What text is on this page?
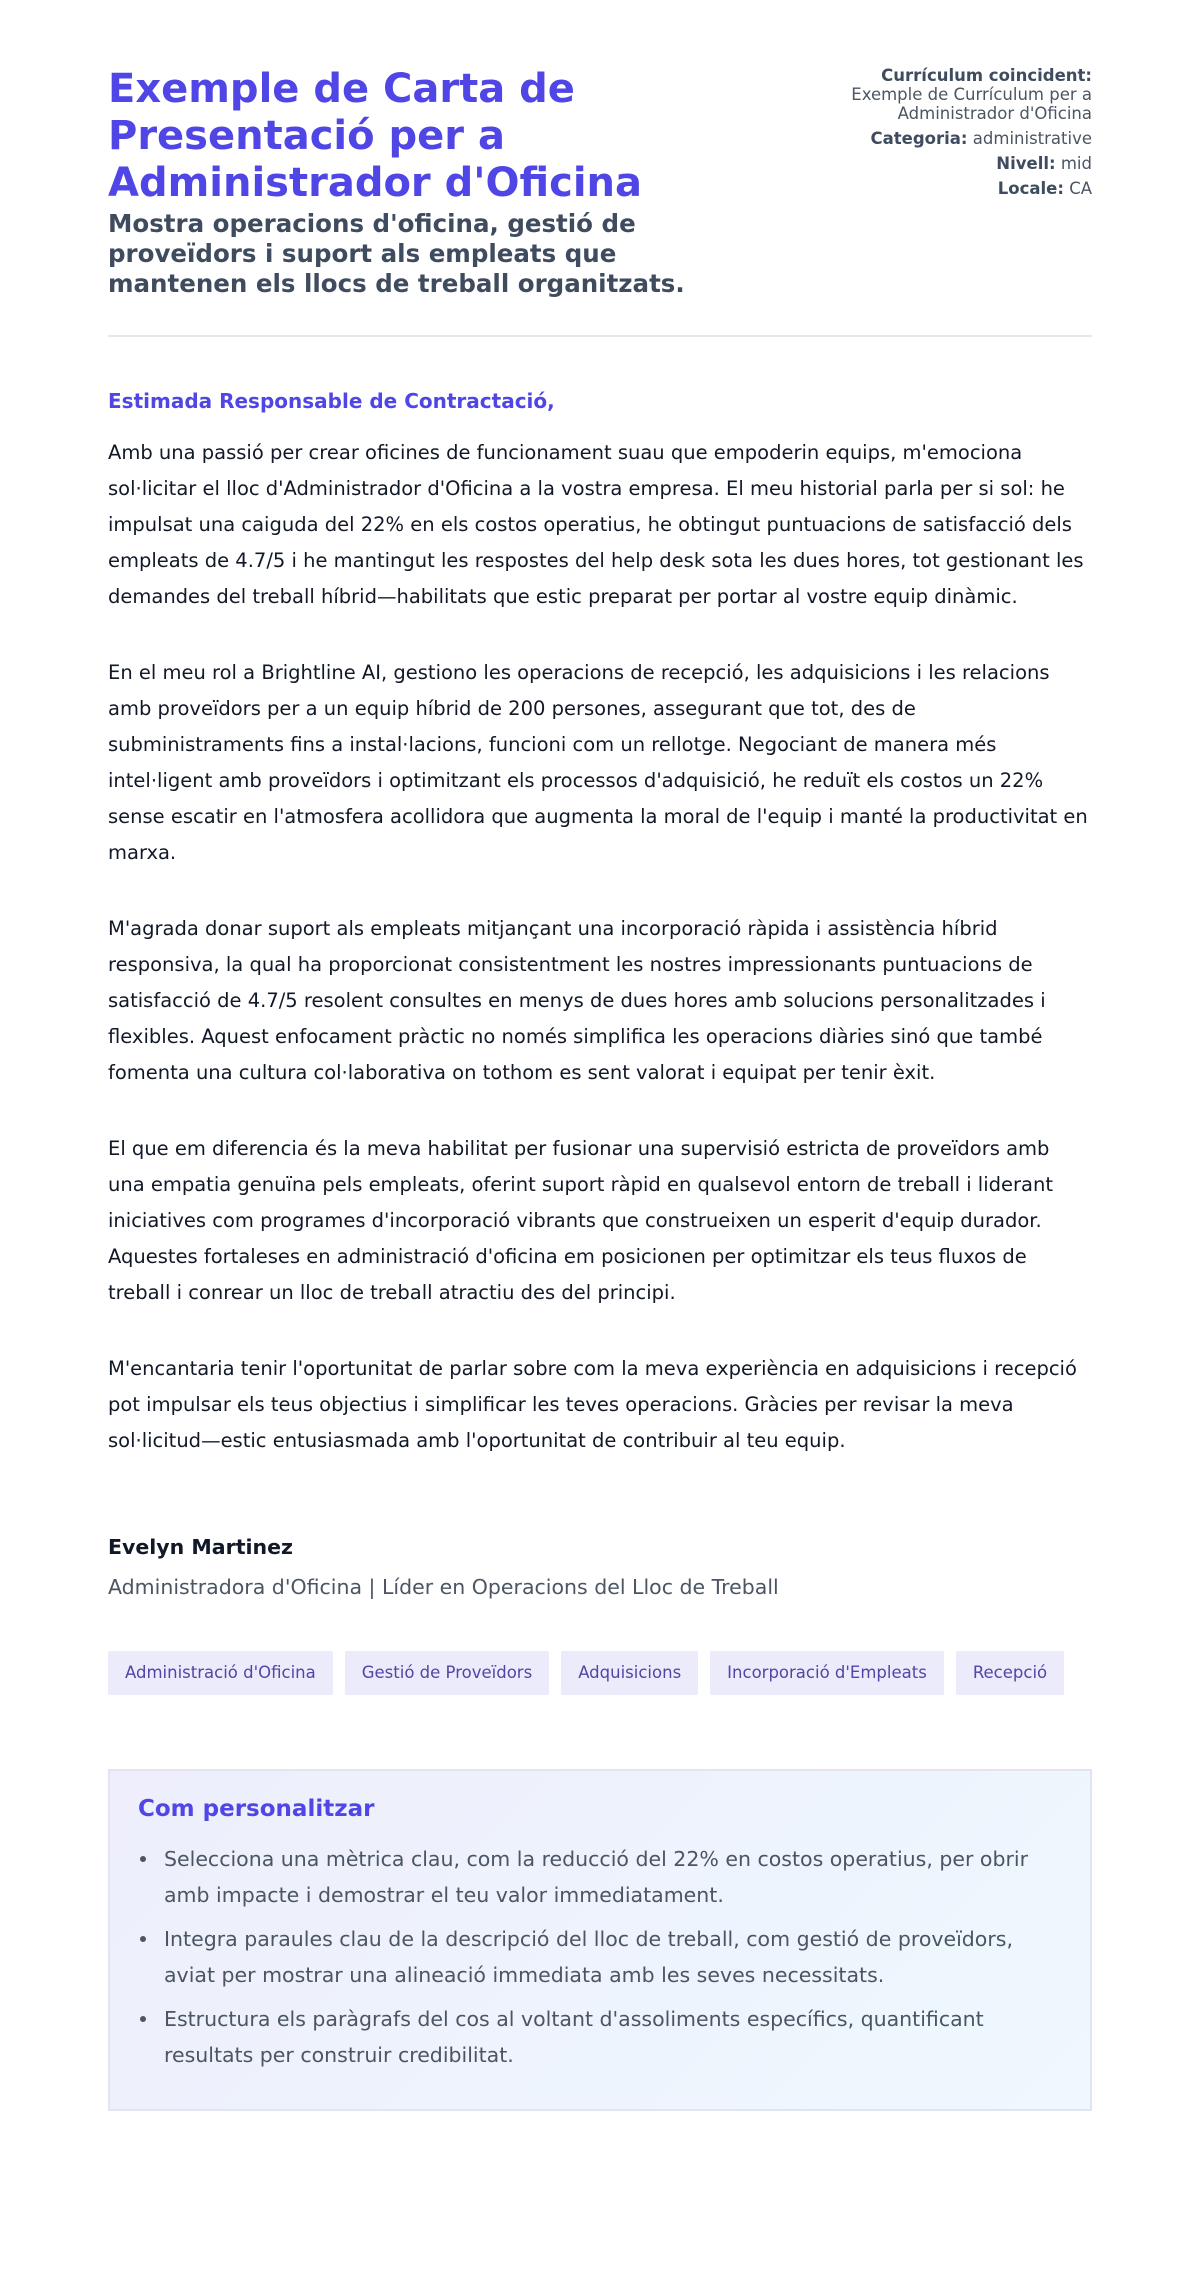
Exemple de Carta de Presentació per a Administrador d'Oficina
Mostra operacions d'oficina, gestió de proveïdors i suport als empleats que mantenen els llocs de treball organitzats.
Currículum coincident:
Exemple de Currículum per a Administrador d'Oficina
Categoria: administrative
Nivell: mid
Locale: CA
Estimada Responsable de Contractació,

Amb una passió per crear oficines de funcionament suau que empoderin equips, m'emociona sol·licitar el lloc d'Administrador d'Oficina a la vostra empresa. El meu historial parla per si sol: he impulsat una caiguda del 22% en els costos operatius, he obtingut puntuacions de satisfacció dels empleats de 4.7/5 i he mantingut les respostes del help desk sota les dues hores, tot gestionant les demandes del treball híbrid—habilitats que estic preparat per portar al vostre equip dinàmic.

En el meu rol a Brightline AI, gestiono les operacions de recepció, les adquisicions i les relacions amb proveïdors per a un equip híbrid de 200 persones, assegurant que tot, des de subministraments fins a instal·lacions, funcioni com un rellotge. Negociant de manera més intel·ligent amb proveïdors i optimitzant els processos d'adquisició, he reduït els costos un 22% sense escatir en l'atmosfera acollidora que augmenta la moral de l'equip i manté la productivitat en marxa.

M'agrada donar suport als empleats mitjançant una incorporació ràpida i assistència híbrid responsiva, la qual ha proporcionat consistentment les nostres impressionants puntuacions de satisfacció de 4.7/5 resolent consultes en menys de dues hores amb solucions personalitzades i flexibles. Aquest enfocament pràctic no només simplifica les operacions diàries sinó que també fomenta una cultura col·laborativa on tothom es sent valorat i equipat per tenir èxit.

El que em diferencia és la meva habilitat per fusionar una supervisió estricta de proveïdors amb una empatia genuïna pels empleats, oferint suport ràpid en qualsevol entorn de treball i liderant iniciatives com programes d'incorporació vibrants que construeixen un esperit d'equip durador. Aquestes fortaleses en administració d'oficina em posicionen per optimitzar els teus fluxos de treball i conrear un lloc de treball atractiu des del principi.

M'encantaria tenir l'oportunitat de parlar sobre com la meva experiència en adquisicions i recepció pot impulsar els teus objectius i simplificar les teves operacions. Gràcies per revisar la meva sol·licitud—estic entusiasmada amb l'oportunitat de contribuir al teu equip.

Evelyn Martinez
Administradora d'Oficina | Líder en Operacions del Lloc de Treball
Administració d'Oficina	Gestió de Proveïdors	Adquisicions	Incorporació d'Empleats	Recepció
Com personalitzar
Selecciona una mètrica clau, com la reducció del 22% en costos operatius, per obrir amb impacte i demostrar el teu valor immediatament.
Integra paraules clau de la descripció del lloc de treball, com gestió de proveïdors, aviat per mostrar una alineació immediata amb les seves necessitats.
Estructura els paràgrafs del cos al voltant d'assoliments específics, quantificant resultats per construir credibilitat.
